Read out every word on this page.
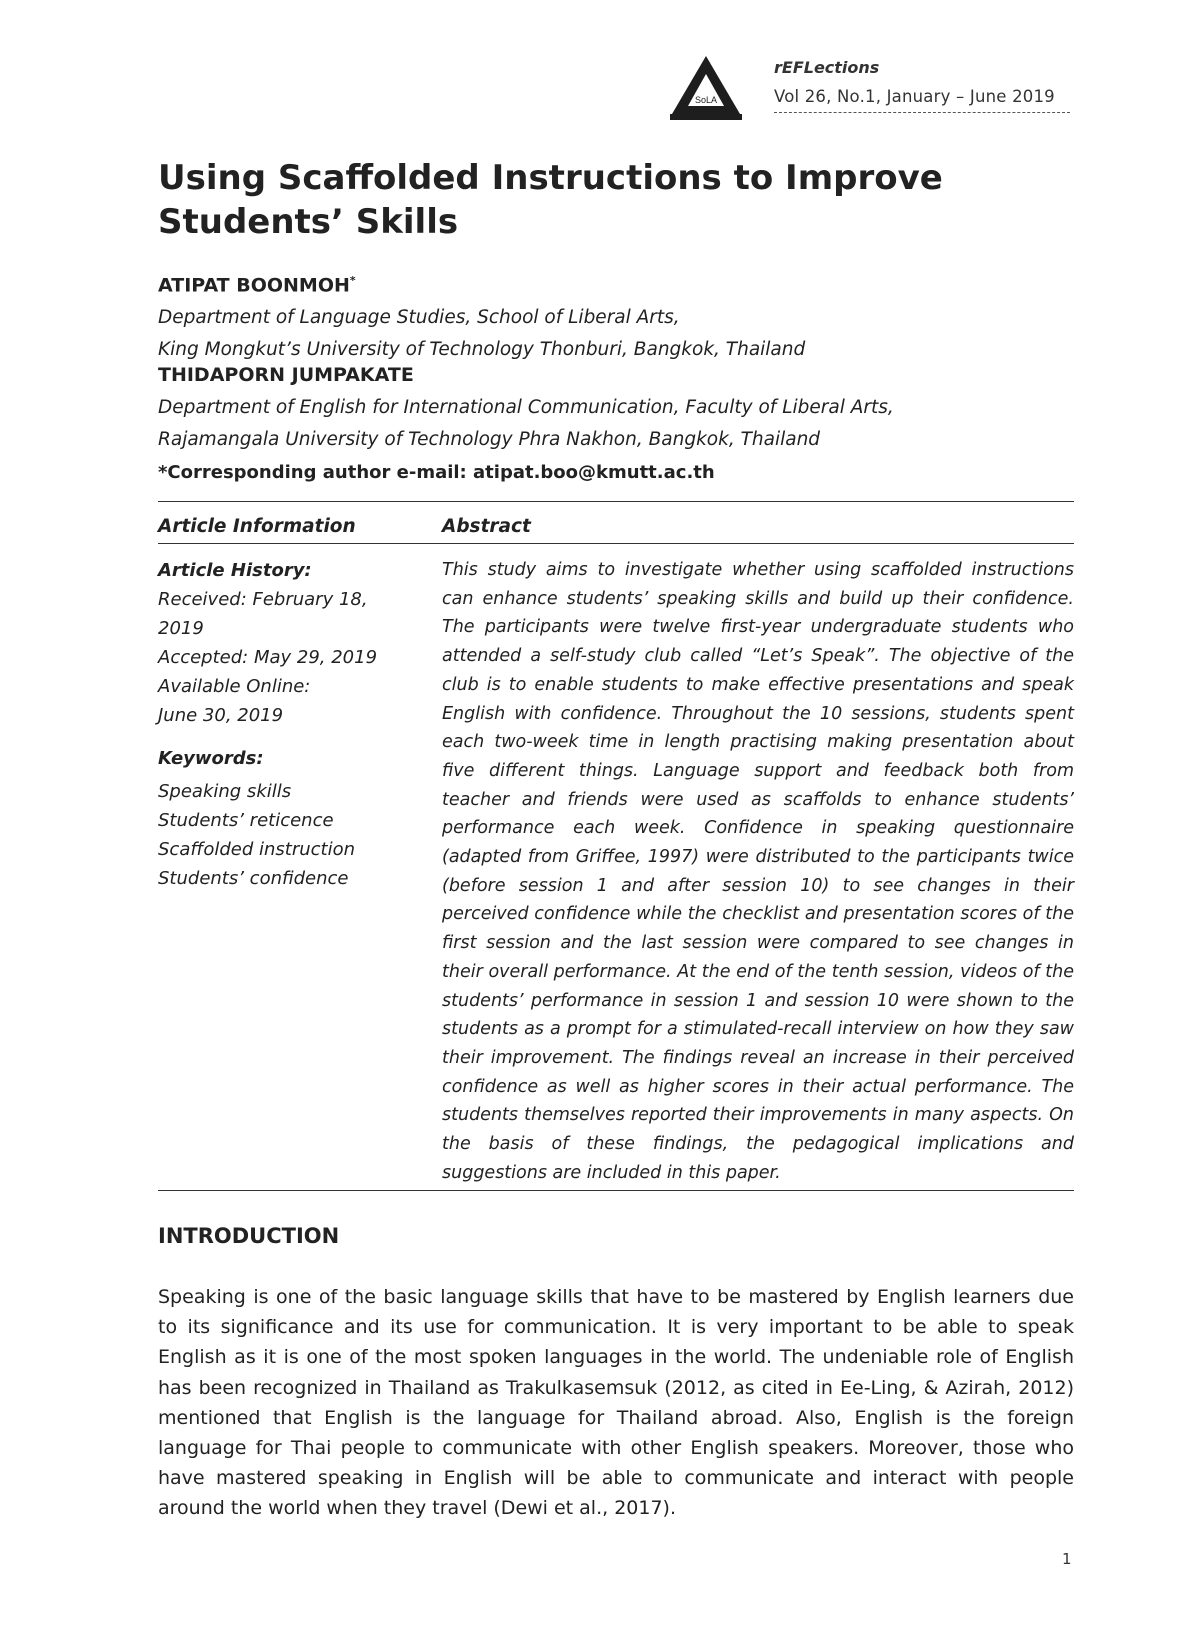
SoLA
rEFLections
Vol 26, No.1, January – June 2019
Using Scaffolded Instructions to Improve Students’ Skills
ATIPAT BOONMOH*
Department of Language Studies, School of Liberal Arts,
King Mongkut’s University of Technology Thonburi, Bangkok, Thailand
THIDAPORN JUMPAKATE
Department of English for International Communication, Faculty of Liberal Arts,
Rajamangala University of Technology Phra Nakhon, Bangkok, Thailand
*Corresponding author e-mail: atipat.boo@kmutt.ac.th
Article Information	Abstract
Article History:
Received: February 18, 2019
Accepted: May 29, 2019
Available Online:
June 30, 2019
Keywords:
Speaking skills
Students’ reticence
Scaffolded instruction
Students’ confidence
This study aims to investigate whether using scaffolded instructions can enhance students’ speaking skills and build up their confidence. The participants were twelve first-year undergraduate students who attended a self-study club called “Let’s Speak”. The objective of the club is to enable students to make effective presentations and speak English with confidence. Throughout the 10 sessions, students spent each two-week time in length practising making presentation about five different things. Language support and feedback both from teacher and friends were used as scaffolds to enhance students’ performance each week. Confidence in speaking questionnaire (adapted from Griffee, 1997) were distributed to the participants twice (before session 1 and after session 10) to see changes in their perceived confidence while the checklist and presentation scores of the first session and the last session were compared to see changes in their overall performance. At the end of the tenth session, videos of the students’ performance in session 1 and session 10 were shown to the students as a prompt for a stimulated-recall interview on how they saw their improvement. The findings reveal an increase in their perceived confidence as well as higher scores in their actual performance. The students themselves reported their improvements in many aspects. On the basis of these findings, the pedagogical implications and suggestions are included in this paper.
INTRODUCTION
Speaking is one of the basic language skills that have to be mastered by English learners due to its significance and its use for communication. It is very important to be able to speak English as it is one of the most spoken languages in the world. The undeniable role of English has been recognized in Thailand as Trakulkasemsuk (2012, as cited in Ee-Ling, & Azirah, 2012) mentioned that English is the language for Thailand abroad. Also, English is the foreign language for Thai people to communicate with other English speakers. Moreover, those who have mastered speaking in English will be able to communicate and interact with people around the world when they travel (Dewi et al., 2017).
1
